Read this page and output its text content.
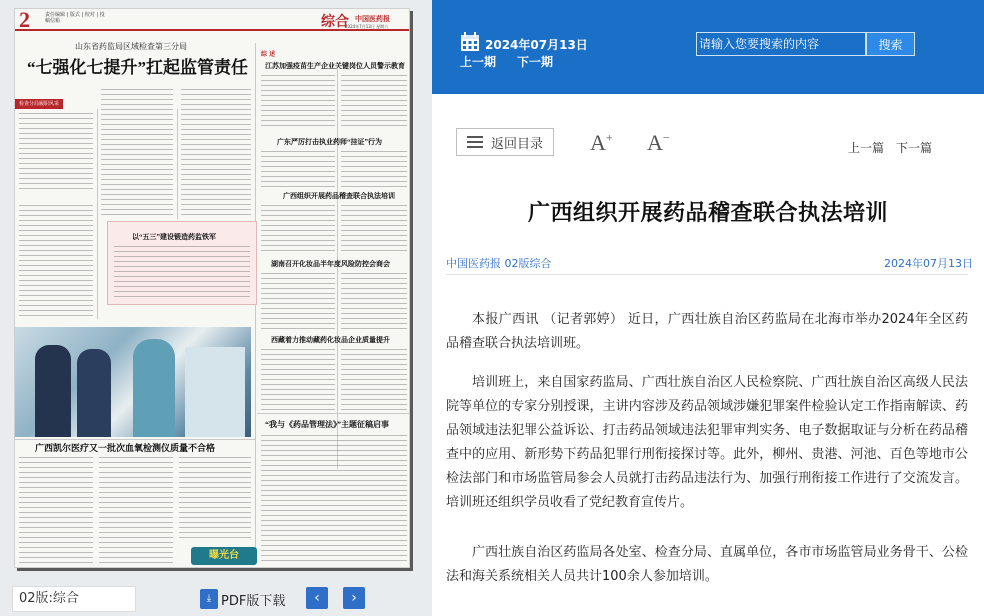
2	责任编辑 | 版式 | 校对 | 投稿信箱	综合 中国医药报
2024年7月13日 星期六
山东省药监局区域检查第三分局
“七强化七提升”扛起监管责任
检查分局履职风采
综 述
江苏加强疫苗生产企业关键岗位人员警示教育
广东严厉打击执业药师“挂证”行为
广西组织开展药品稽查联合执法培训
湖南召开化妆品半年度风险防控会商会
西藏着力推动藏药化妆品企业质量提升
以“五三”建设锻造药监铁军
广西凯尔医疗又一批次血氧检测仪质量不合格
“我与《药品管理法》”主题征稿启事
曝光台
02版:综合	⤓ PDF版下载	‹	›
2024年07月13日
上一期 下一期
请输入您要搜索的内容
搜索
返回目录 A+ A−
上一篇 下一篇
广西组织开展药品稽查联合执法培训
中国医药报 02版综合	2024年07月13日

本报广西讯 （记者郭婷） 近日，广西壮族自治区药监局在北海市举办2024年全区药品稽查联合执法培训班。

培训班上，来自国家药监局、广西壮族自治区人民检察院、广西壮族自治区高级人民法院等单位的专家分别授课，主讲内容涉及药品领域涉嫌犯罪案件检验认定工作指南解读、药品领域违法犯罪公益诉讼、打击药品领域违法犯罪审判实务、电子数据取证与分析在药品稽查中的应用、新形势下药品犯罪行刑衔接探讨等。此外，柳州、贵港、河池、百色等地市公检法部门和市场监管局参会人员就打击药品违法行为、加强行刑衔接工作进行了交流发言。培训班还组织学员收看了党纪教育宣传片。

广西壮族自治区药监局各处室、检查分局、直属单位，各市市场监管局业务骨干、公检法和海关系统相关人员共计100余人参加培训。
